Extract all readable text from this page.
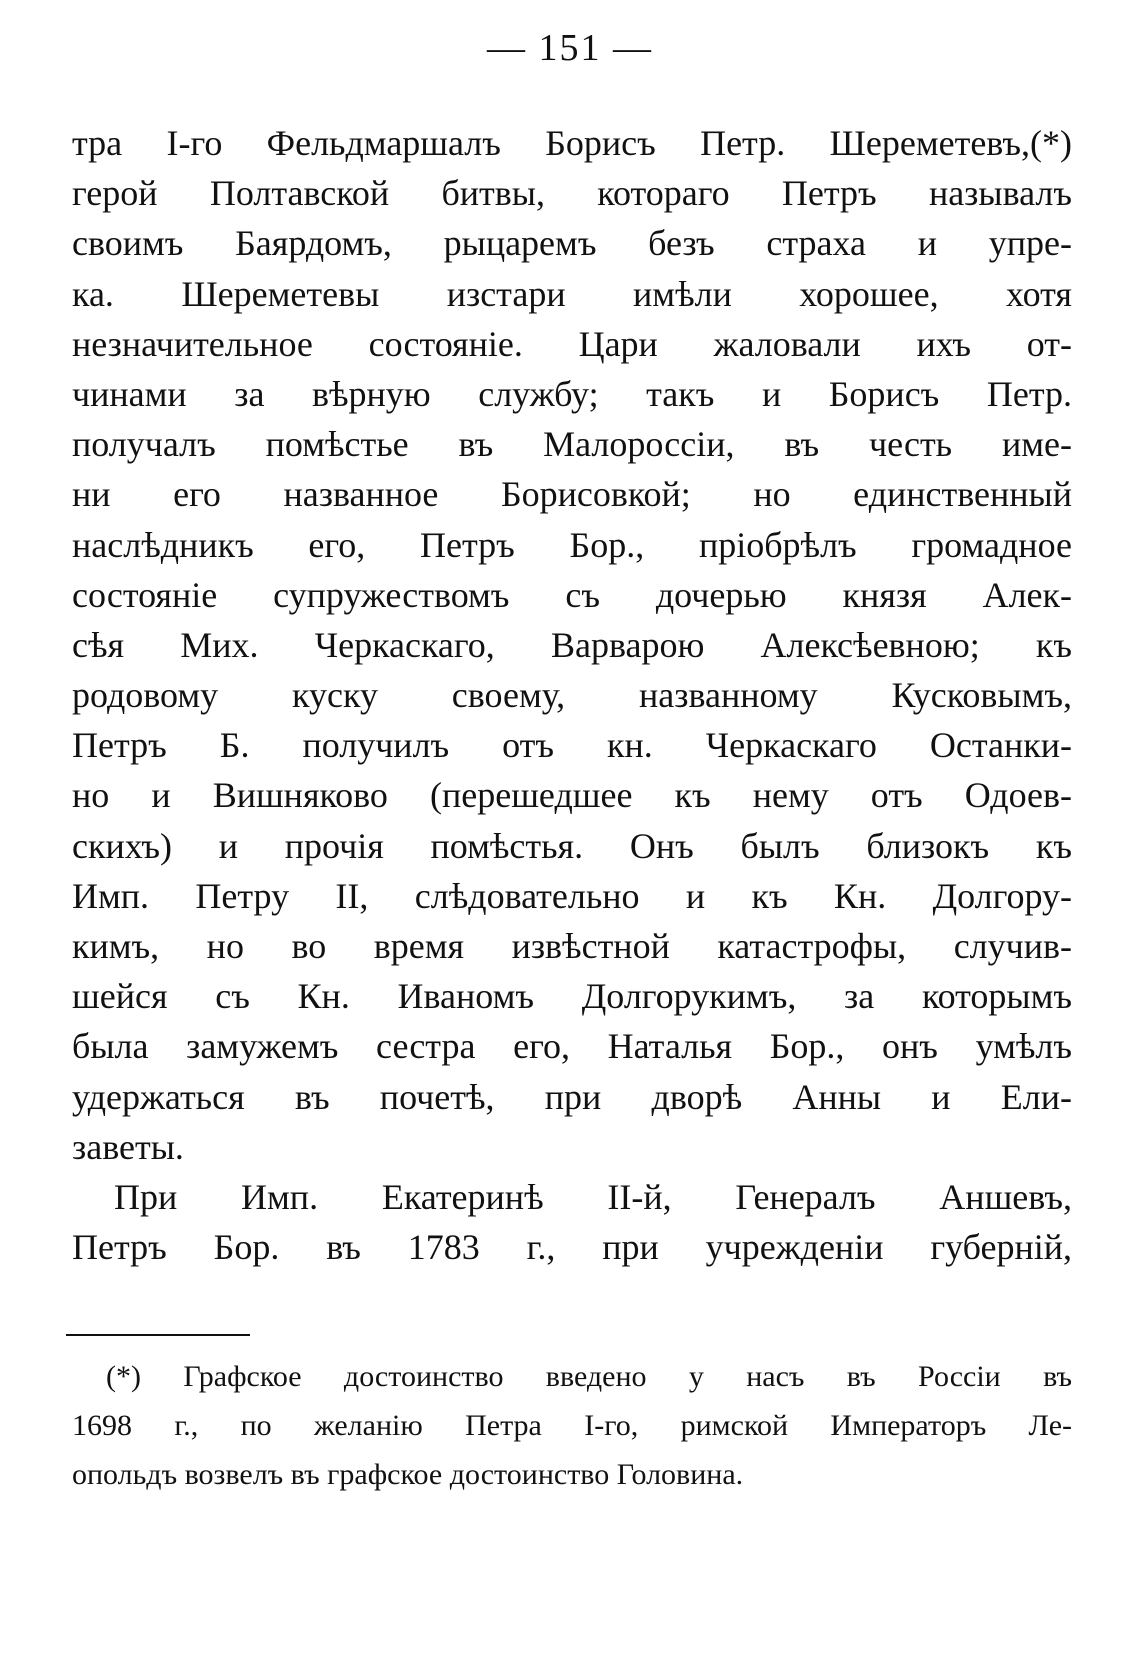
— 151 —
тра I-го Фельдмаршалъ Борисъ Петр. Шереметевъ,(*)
герой Полтавской битвы, котораго Петръ называлъ
своимъ Баярдомъ, рыцаремъ безъ страха и упре-
ка. Шереметевы изстари имѣли хорошее, хотя
незначительное состоянiе. Цари жаловали ихъ от-
чинами за вѣрную службу; такъ и Борисъ Петр.
получалъ помѣстье въ Малороссiи, въ честь име-
ни его названное Борисовкой; но единственный
наслѣдникъ его, Петръ Бор., прiобрѣлъ громадное
состоянiе супружествомъ съ дочерью князя Алек-
сѣя Мих. Черкаскаго, Варварою Алексѣевною; къ
родовому куску своему, названному Кусковымъ,
Петръ Б. получилъ отъ кн. Черкаскаго Останки-
но и Вишняково (перешедшее къ нему отъ Одоев-
скихъ) и прочiя помѣстья. Онъ былъ близокъ къ
Имп. Петру II, слѣдовательно и къ Кн. Долгору-
кимъ, но во время извѣстной катастрофы, случив-
шейся съ Кн. Иваномъ Долгорукимъ, за которымъ
была замужемъ сестра его, Наталья Бор., онъ умѣлъ
удержаться въ почетѣ, при дворѣ Анны и Ели-
заветы.
При Имп. Екатеринѣ II-й, Генералъ Аншевъ,
Петръ Бор. въ 1783 г., при учрежденiи губерній,
(*) Графское достоинство введено у насъ въ Россiи въ
1698 г., по желанiю Петра I-го, римской Императоръ Ле-
опольдъ возвелъ въ графское достоинство Головина.
